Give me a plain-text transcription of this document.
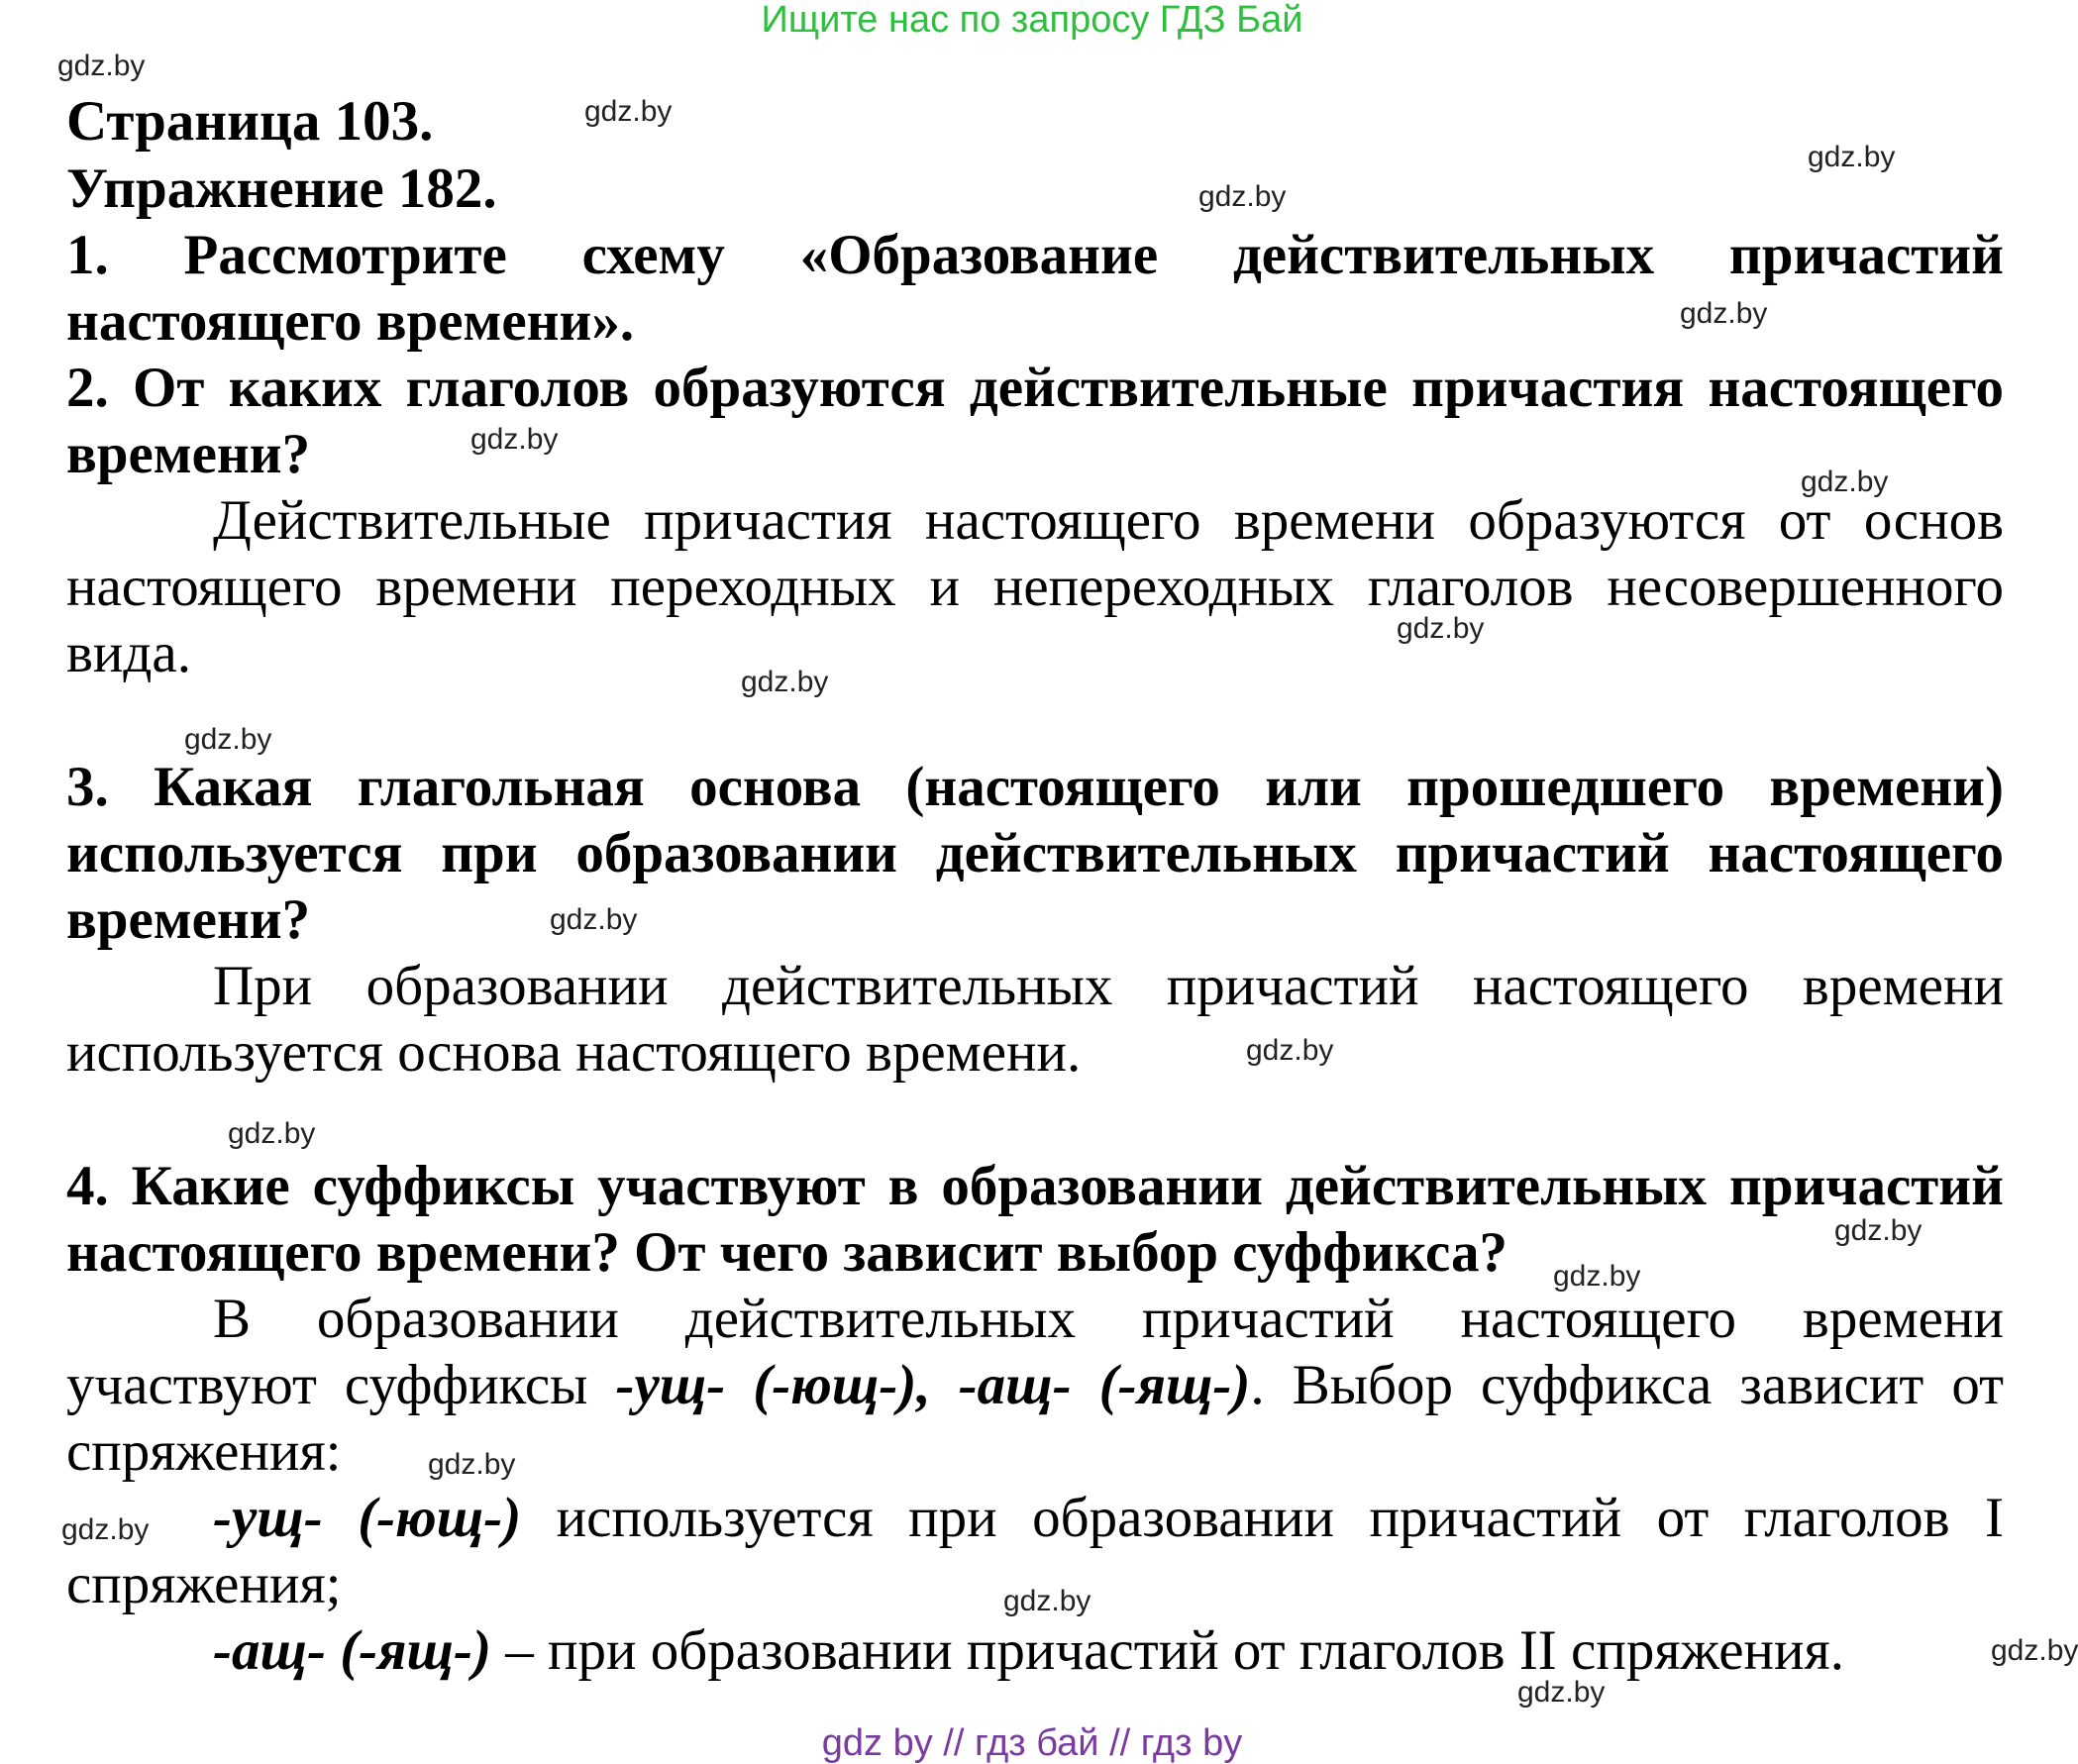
Ищите нас по запросу ГДЗ Бай
gdz.by
gdz.by
gdz.by
gdz.by
gdz.by
gdz.by
gdz.by
gdz.by
gdz.by
gdz.by
gdz.by
gdz.by
gdz.by
gdz.by
gdz.by
gdz.by
gdz.by
gdz.by
gdz.by
gdz.by

Страница 103.

Упражнение 182.

1. Рассмотрите схему «Образование действительных причастий

настоящего времени».

2. От каких глаголов образуются действительные причастия настоящего

времени?

Действительные причастия настоящего времени образуются от основ

настоящего времени переходных и непереходных глаголов несовершенного

вида.

3. Какая глагольная основа (настоящего или прошедшего времени)

используется при образовании действительных причастий настоящего

времени?

При образовании действительных причастий настоящего времени

используется основа настоящего времени.

4. Какие суффиксы участвуют в образовании действительных причастий

настоящего времени? От чего зависит выбор суффикса?

В образовании действительных причастий настоящего времени

участвуют суффиксы -ущ- (-ющ-), -ащ- (-ящ-). Выбор суффикса зависит от

спряжения:

-ущ- (-ющ-) используется при образовании причастий от глаголов I

спряжения;

-ащ- (-ящ-) – при образовании причастий от глаголов II спряжения.

gdz by // гдз бай // гдз by
